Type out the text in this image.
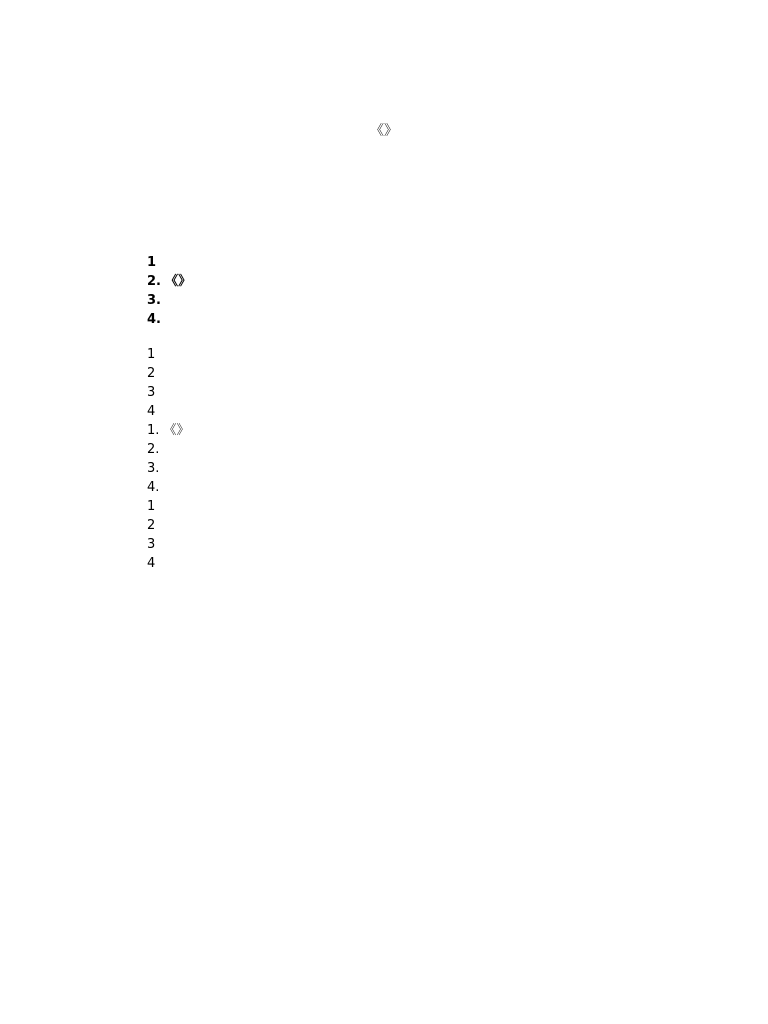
《》

1

2. 《》

3.

4.

1

2

3

4

1. 《》

2.

3.

4.

1

2

3

4
